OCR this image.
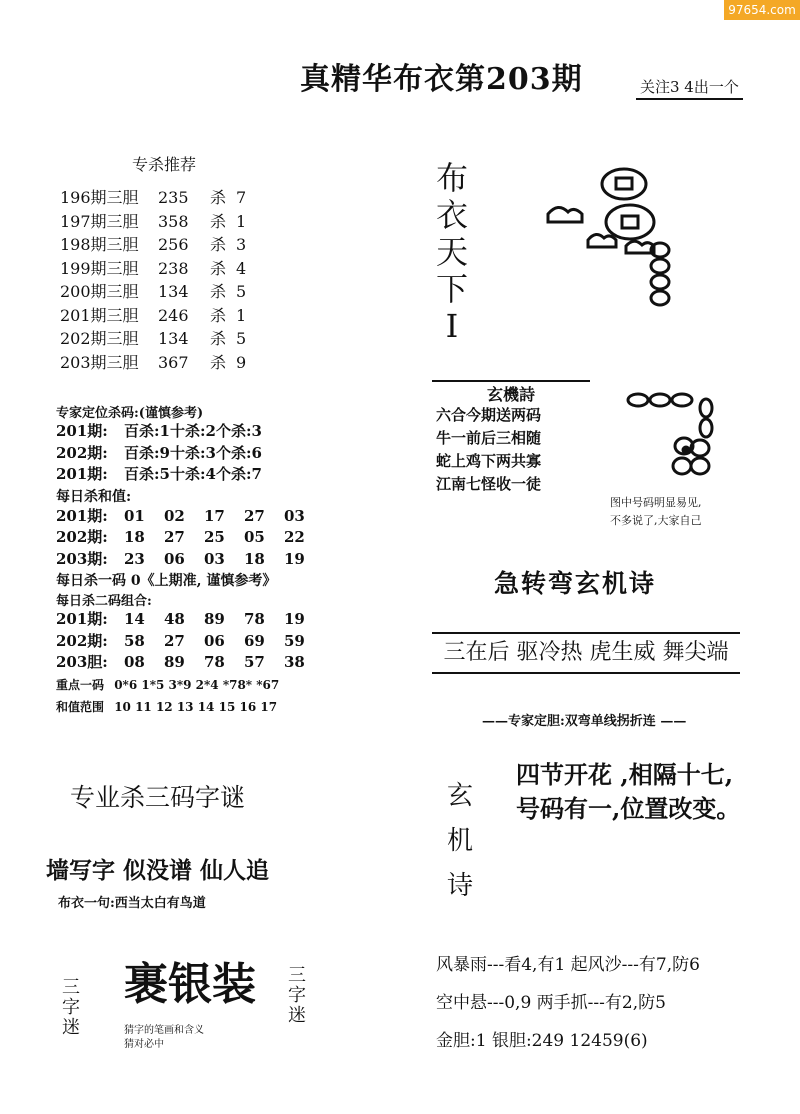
97654.com
真精华布衣第203期	关注3 4出一个
专杀推荐
196期三胆 235 杀 7
197期三胆 358 杀 1
198期三胆 256 杀 3
199期三胆 238 杀 4
200期三胆 134 杀 5
201期三胆 246 杀 1
202期三胆 134 杀 5
203期三胆 367 杀 9
专家定位杀码:(谨慎参考)
201期: 百杀:1十杀:2个杀:3
202期: 百杀:9十杀:3个杀:6
201期: 百杀:5十杀:4个杀:7
每日杀和值:
201期: 01 02 17 27 03
202期: 18 27 25 05 22
203期: 23 06 03 18 19
每日杀一码 0《上期准, 谨慎参考》
每日杀二码组合:
201期: 14 48 89 78 19
202期: 58 27 06 69 59
203胆: 08 89 78 57 38
重点一码 0*6 1*5 3*9 2*4 *78* *67
和值范围 10 11 12 13 14 15 16 17
布
衣
天
下
I
玄機詩
六合今期送两码
牛一前后三相随
蛇上鸡下两共寡
江南七怪收一徒
图中号码明显易见,
不多说了,大家自己
急转弯玄机诗
三在后 驱冷热 虎生威 舞尖端
——专家定胆:双弯单线拐折连 ——
玄
机
诗
四节开花 ,相隔十七,
号码有一,位置改变。
风暴雨---看4,有1 起风沙---有7,防6
空中悬---0,9 两手抓---有2,防5
金胆:1 银胆:249 12459(6)
专业杀三码字谜
墙写字 似没谱 仙人追
布衣一句:西当太白有鸟道
裹银装
三
字
迷
三
字
迷
猜字的笔画和含义猜对必中
